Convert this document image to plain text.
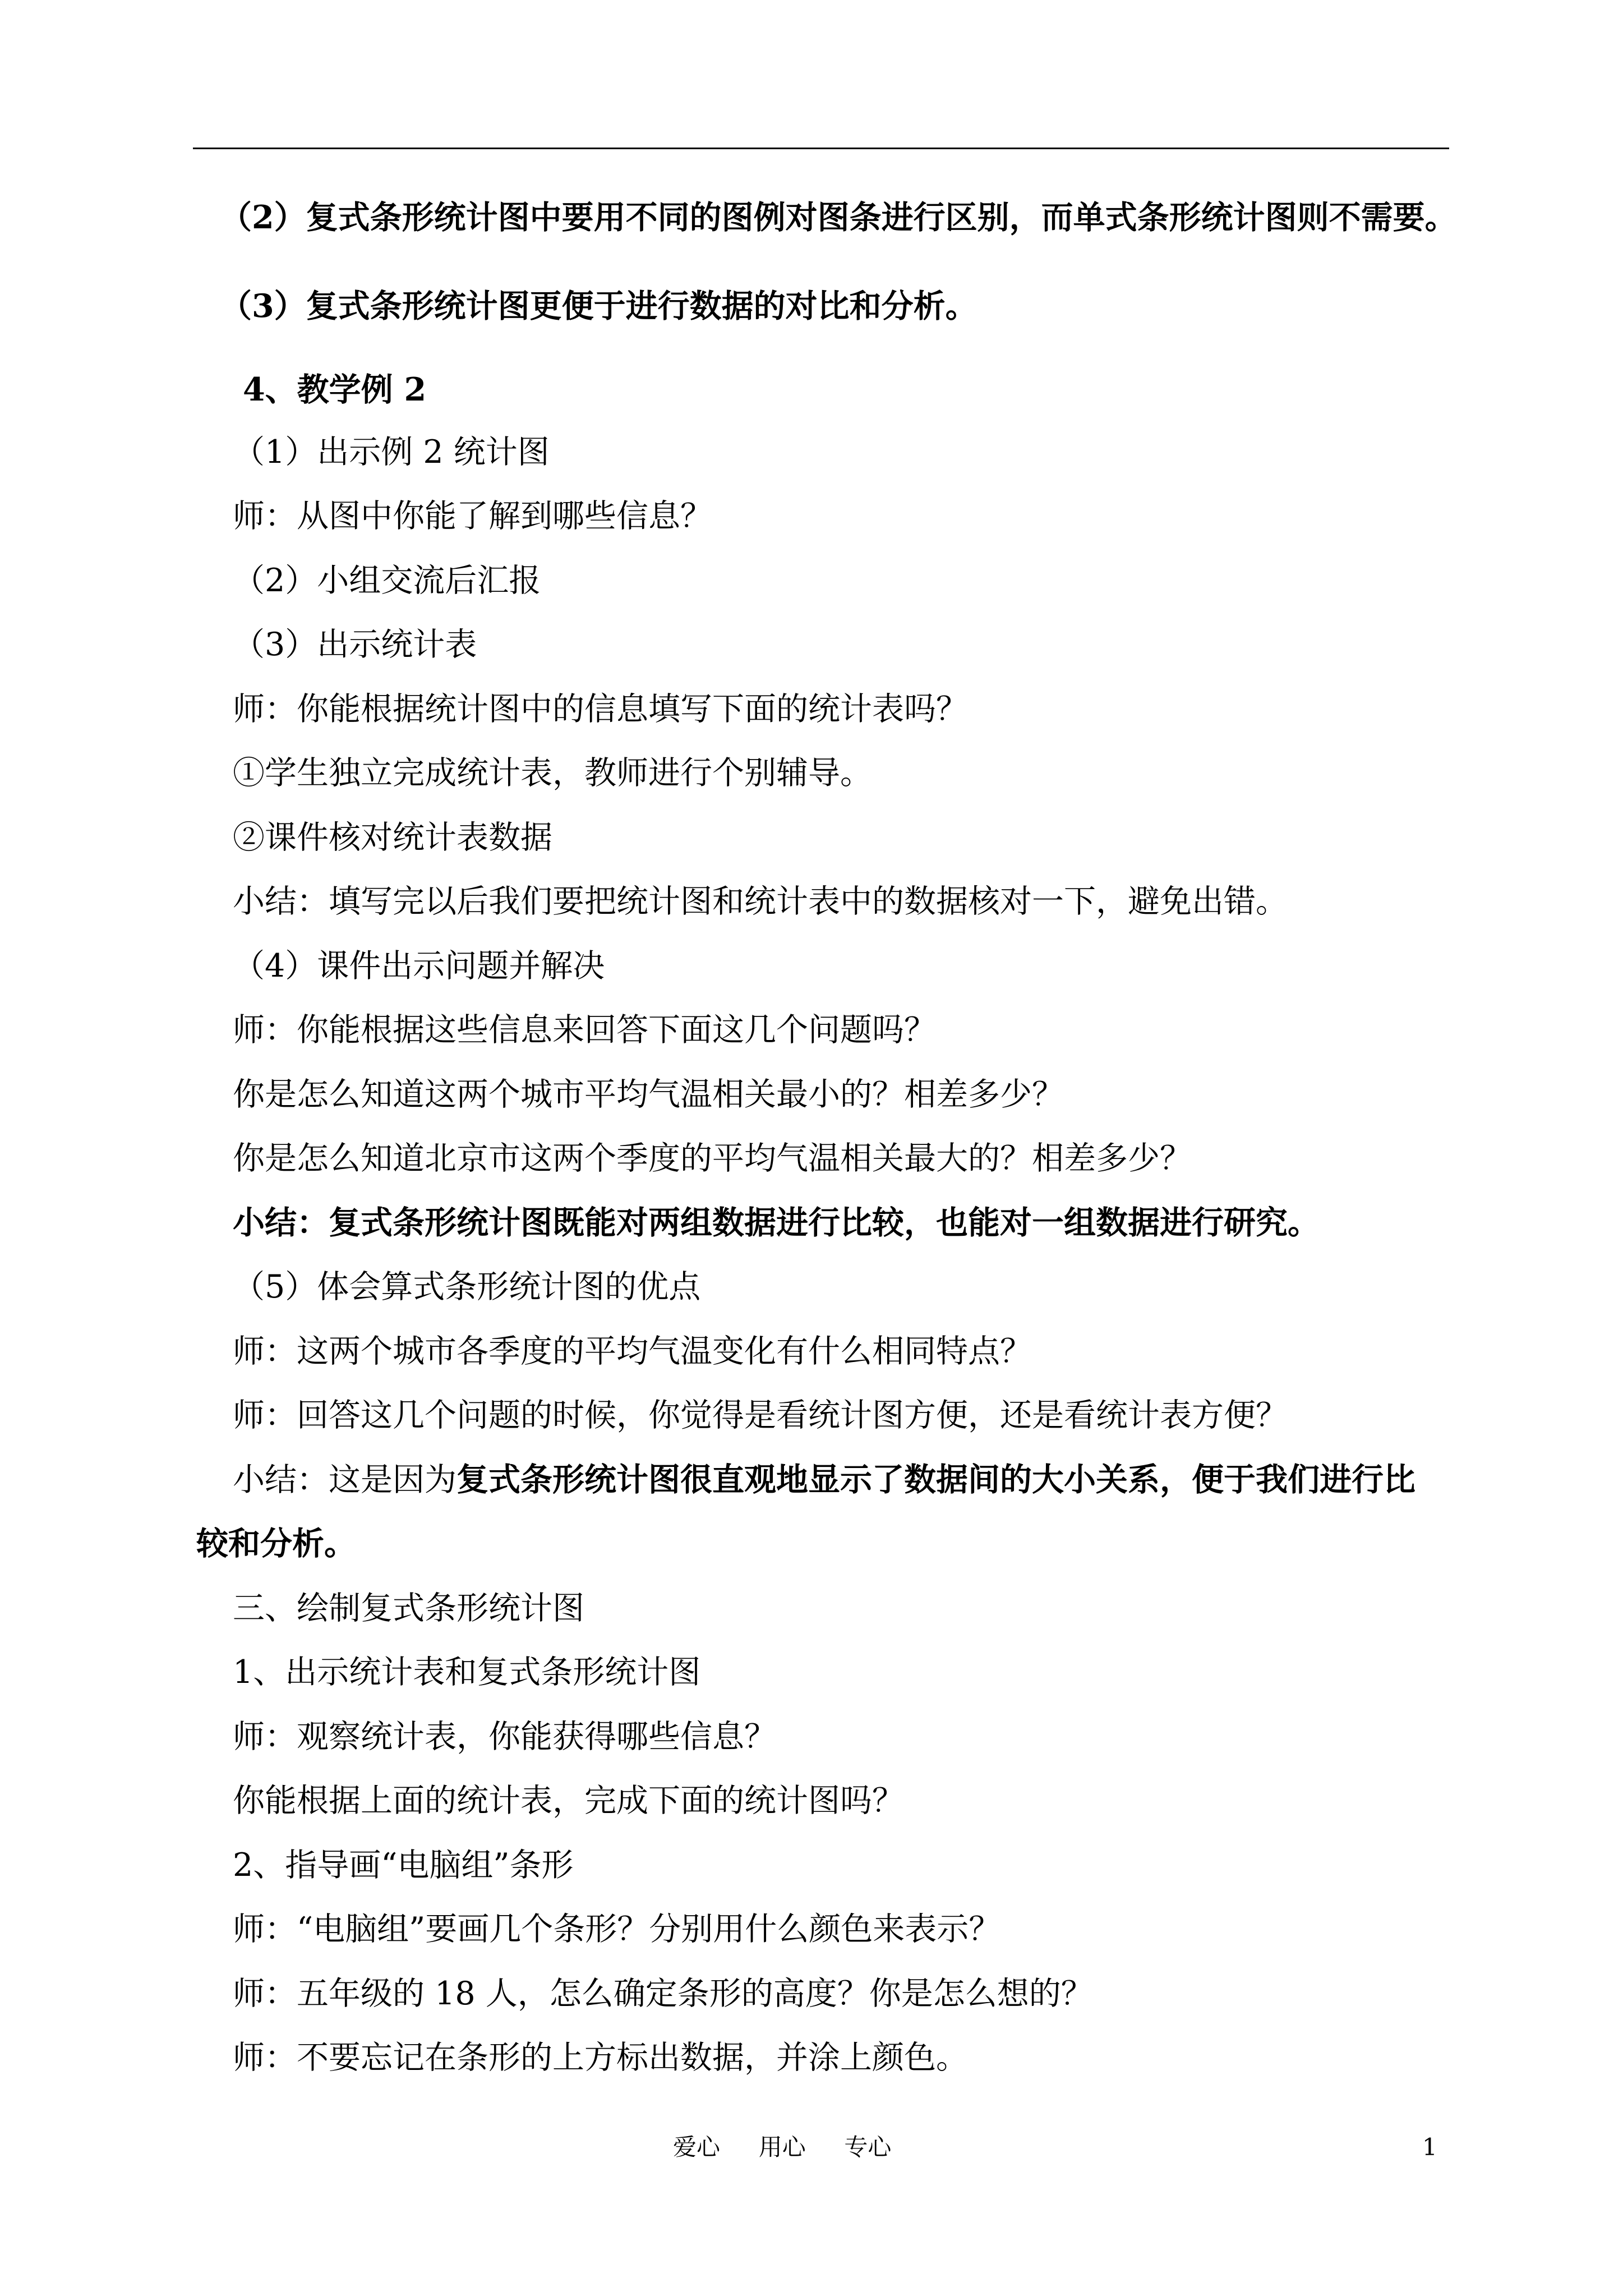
（2）复式条形统计图中要用不同的图例对图条进行区别，而单式条形统计图则不需要。
（3）复式条形统计图更便于进行数据的对比和分析。
4、教学例 2
（1）出示例 2 统计图
师：从图中你能了解到哪些信息？
（2）小组交流后汇报
（3）出示统计表
师：你能根据统计图中的信息填写下面的统计表吗？
①学生独立完成统计表，教师进行个别辅导。
②课件核对统计表数据
小结：填写完以后我们要把统计图和统计表中的数据核对一下，避免出错。
（4）课件出示问题并解决
师：你能根据这些信息来回答下面这几个问题吗？
你是怎么知道这两个城市平均气温相关最小的？相差多少？
你是怎么知道北京市这两个季度的平均气温相关最大的？相差多少？
小结：复式条形统计图既能对两组数据进行比较，也能对一组数据进行研究。
（5）体会算式条形统计图的优点
师：这两个城市各季度的平均气温变化有什么相同特点？
师：回答这几个问题的时候，你觉得是看统计图方便，还是看统计表方便？
小结：这是因为复式条形统计图很直观地显示了数据间的大小关系，便于我们进行比
较和分析。
三、绘制复式条形统计图
1、出示统计表和复式条形统计图
师：观察统计表，你能获得哪些信息？
你能根据上面的统计表，完成下面的统计图吗？
2、指导画“电脑组”条形
师：“电脑组”要画几个条形？分别用什么颜色来表示？
师：五年级的 18 人，怎么确定条形的高度？你是怎么想的？
师：不要忘记在条形的上方标出数据，并涂上颜色。
爱心 　 用心 　 专心	1
